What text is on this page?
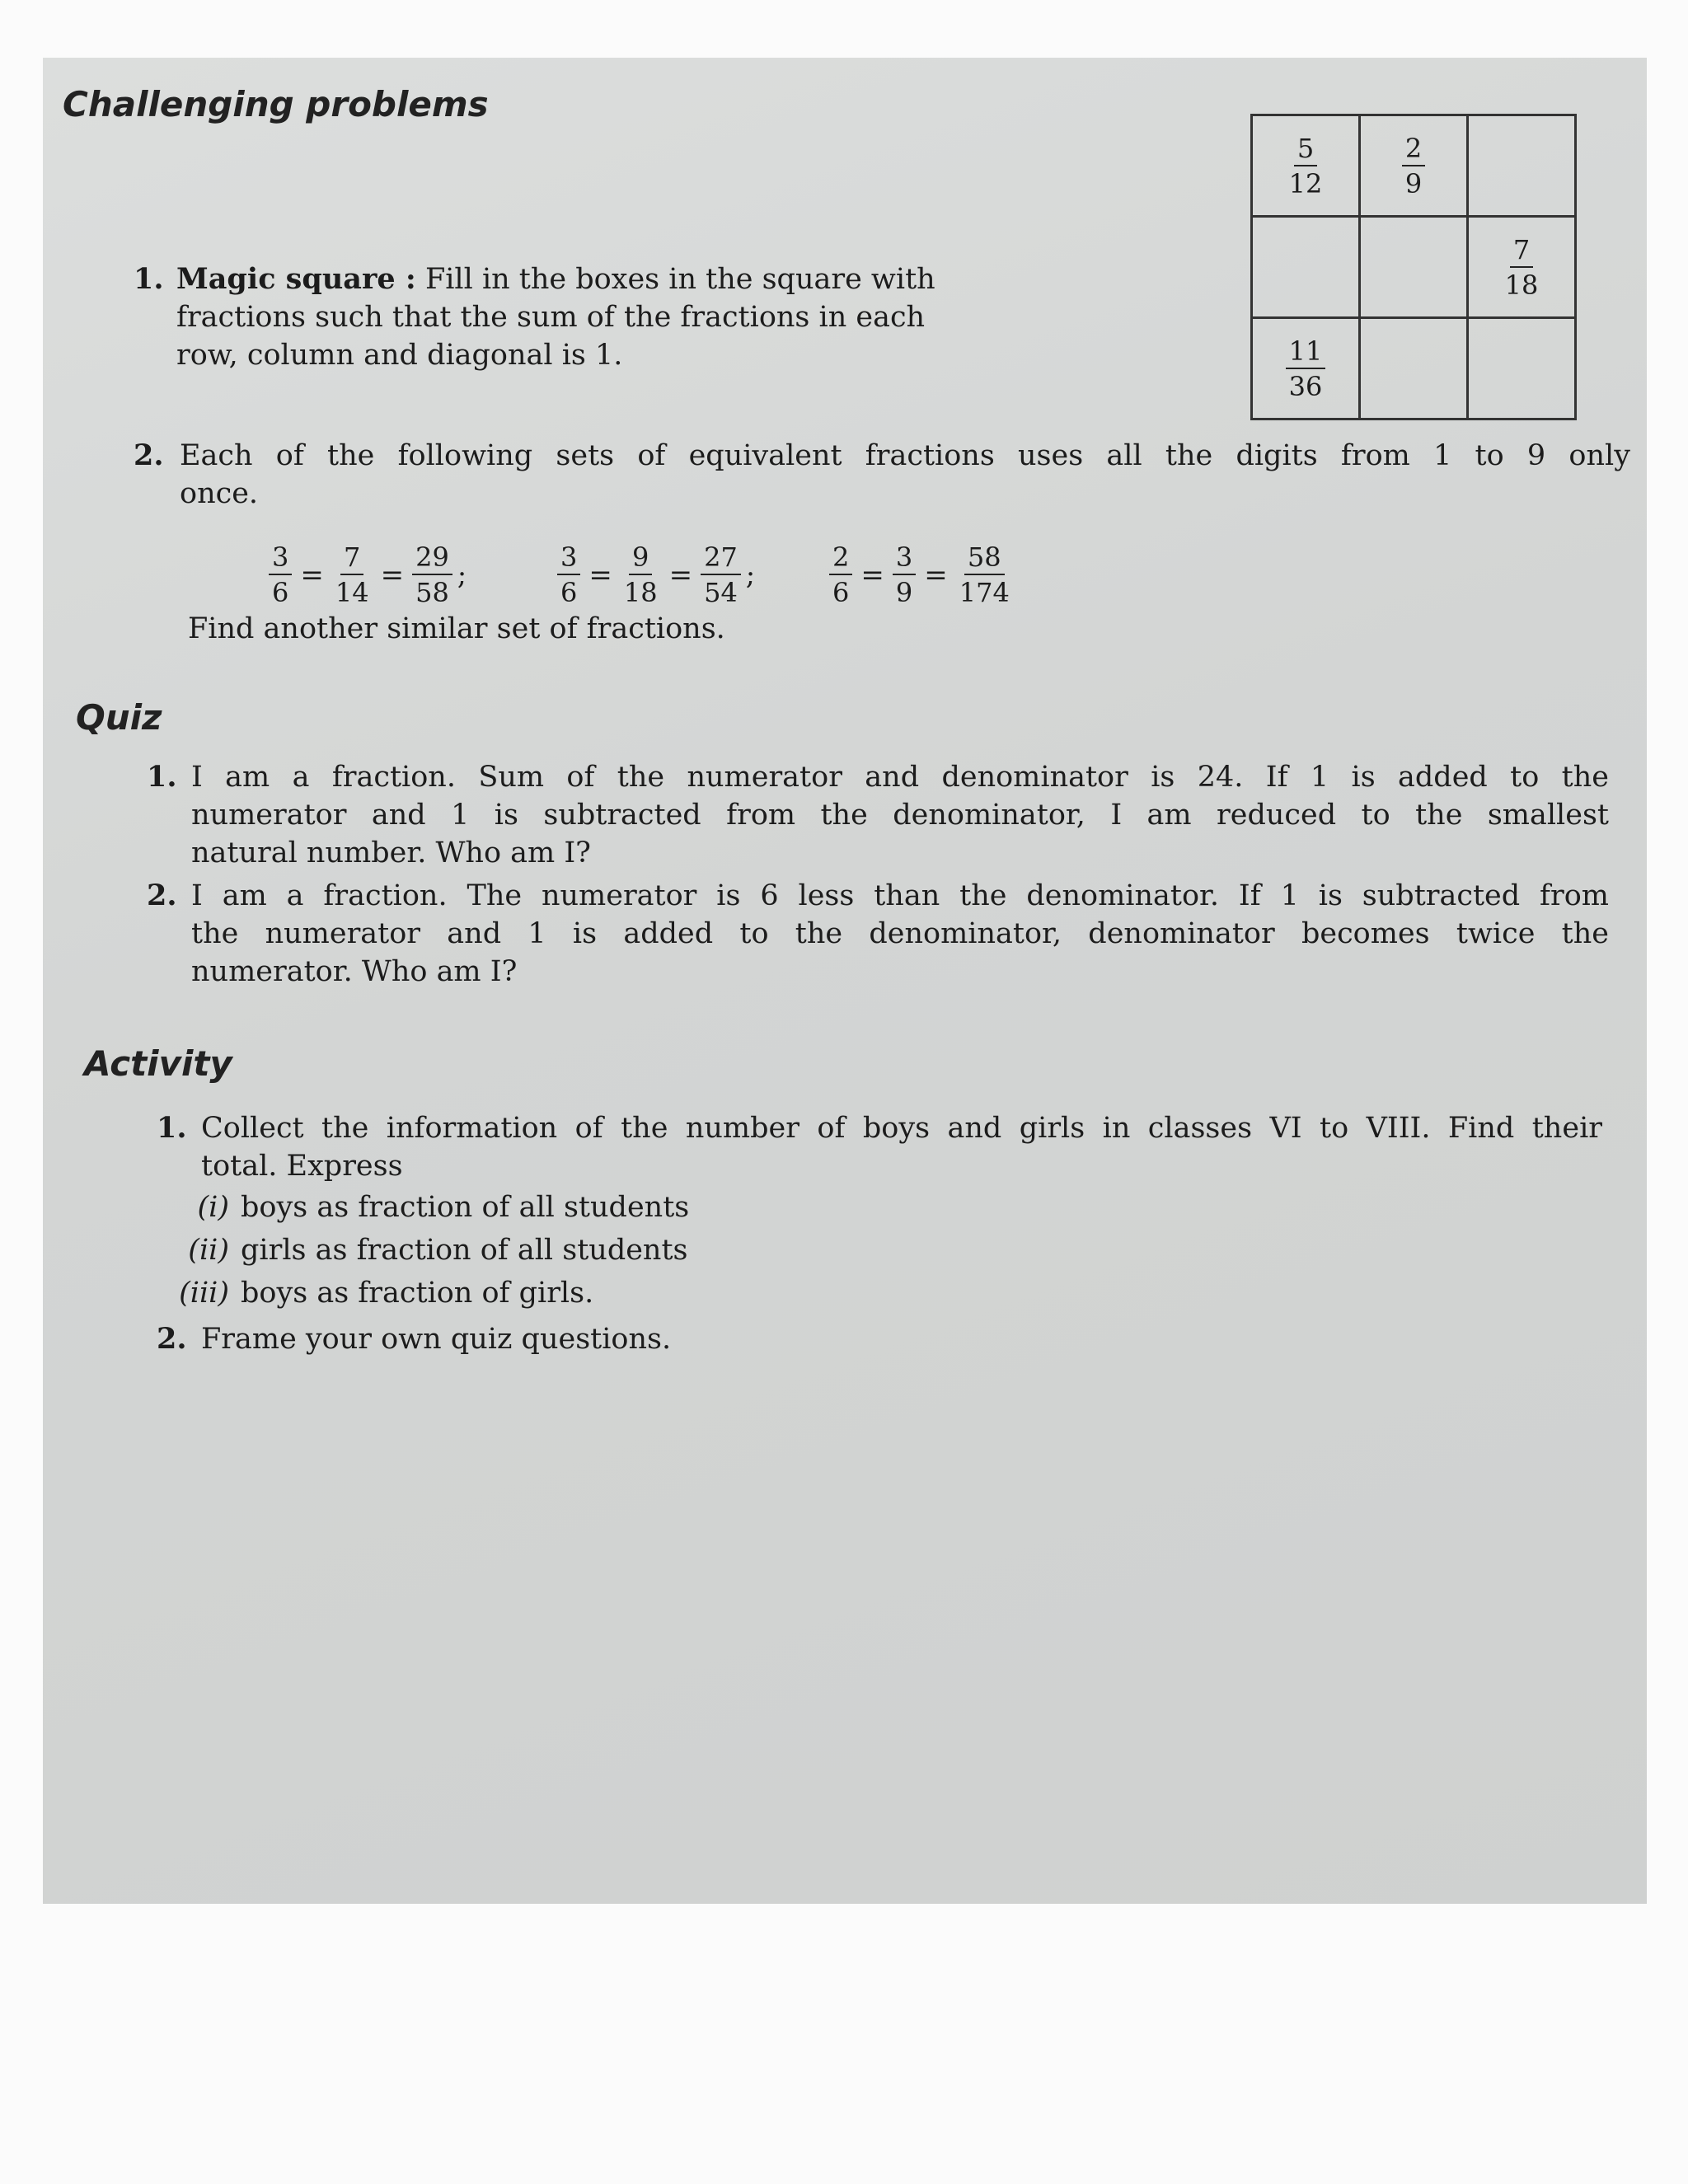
Challenging problems
1. Magic square : Fill in the boxes in the square with

fractions such that the sum of the fractions in each

row, column and diagonal is 1.

$\frac{5}{12}$	$\frac{2}{9}$

		$\frac{7}{18}$

$\frac{11}{36}$

2. Each of the following sets of equivalent fractions uses all the digits from 1 to 9 only

once.

$\frac{3}{6} = \frac{7}{14} = \frac{29}{58}$ ;	$\frac{3}{6} = \frac{9}{18} = \frac{27}{54}$ ;	$\frac{2}{6} = \frac{3}{9} = \frac{58}{174}$

Find another similar set of fractions.

Quiz
1. I am a fraction. Sum of the numerator and denominator is 24. If 1 is added to the

numerator and 1 is subtracted from the denominator, I am reduced to the smallest

natural number. Who am I?

2. I am a fraction. The numerator is 6 less than the denominator. If 1 is subtracted from

the numerator and 1 is added to the denominator, denominator becomes twice the

numerator. Who am I?

Activity
1. Collect the information of the number of boys and girls in classes VI to VIII. Find their

total. Express

(i) boys as fraction of all students

(ii) girls as fraction of all students

(iii) boys as fraction of girls.

2. Frame your own quiz questions.
